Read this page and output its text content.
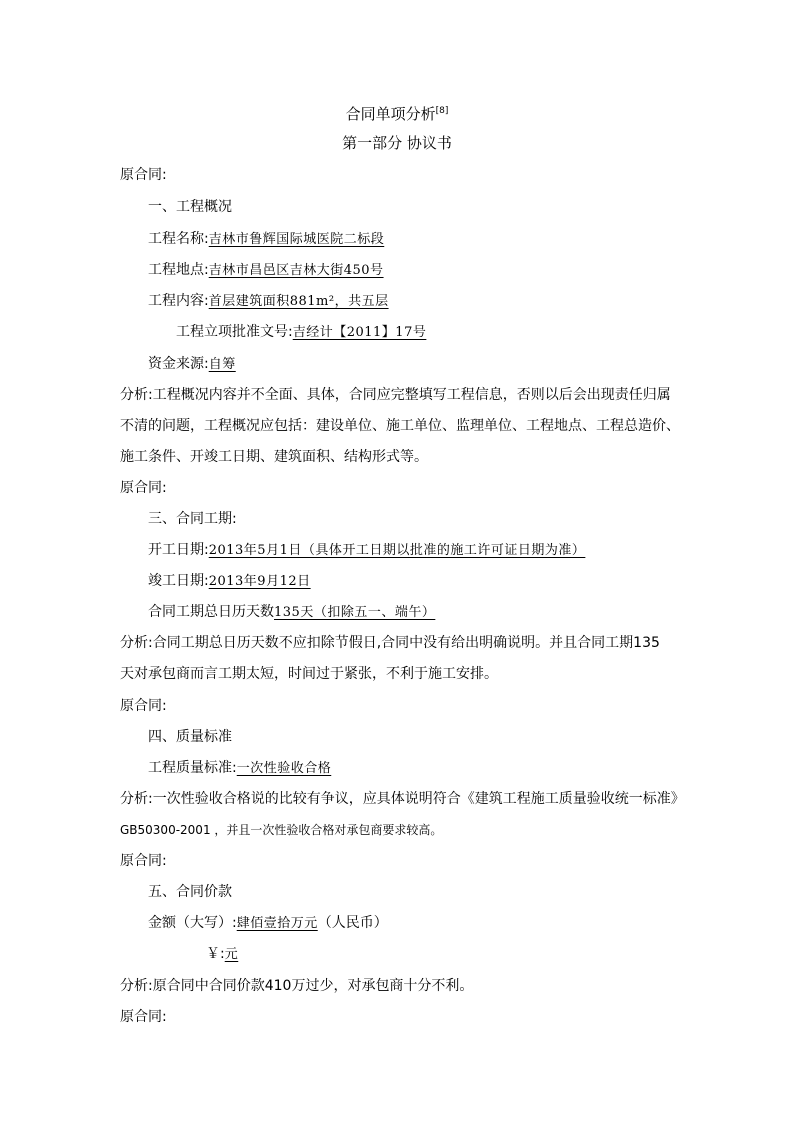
合同单项分析[8]
第一部分 协议书
原合同:
一、工程概况
工程名称:吉林市鲁辉国际城医院二标段
工程地点:吉林市昌邑区吉林大街450号
工程内容:首层建筑面积881m²，共五层
工程立项批准文号:吉经计【2011】17号
资金来源:自筹
分析:工程概况内容并不全面、具体，合同应完整填写工程信息，否则以后会出现责任归属
不清的问题，工程概况应包括：建设单位、施工单位、监理单位、工程地点、工程总造价、
施工条件、开竣工日期、建筑面积、结构形式等。
原合同:
三、合同工期:
开工日期:2013年5月1日（具体开工日期以批准的施工许可证日期为准）
竣工日期:2013年9月12日
合同工期总日历天数135天（扣除五一、端午）
分析:合同工期总日历天数不应扣除节假日,合同中没有给出明确说明。并且合同工期135
天对承包商而言工期太短，时间过于紧张，不利于施工安排。
原合同:
四、质量标准
工程质量标准:一次性验收合格
分析:一次性验收合格说的比较有争议，应具体说明符合《建筑工程施工质量验收统一标准》
GB50300-2001 ，并且一次性验收合格对承包商要求较高。
原合同:
五、合同价款
金额（大写）:肆佰壹拾万元（人民币）
￥:元
分析:原合同中合同价款410万过少，对承包商十分不利。
原合同:
